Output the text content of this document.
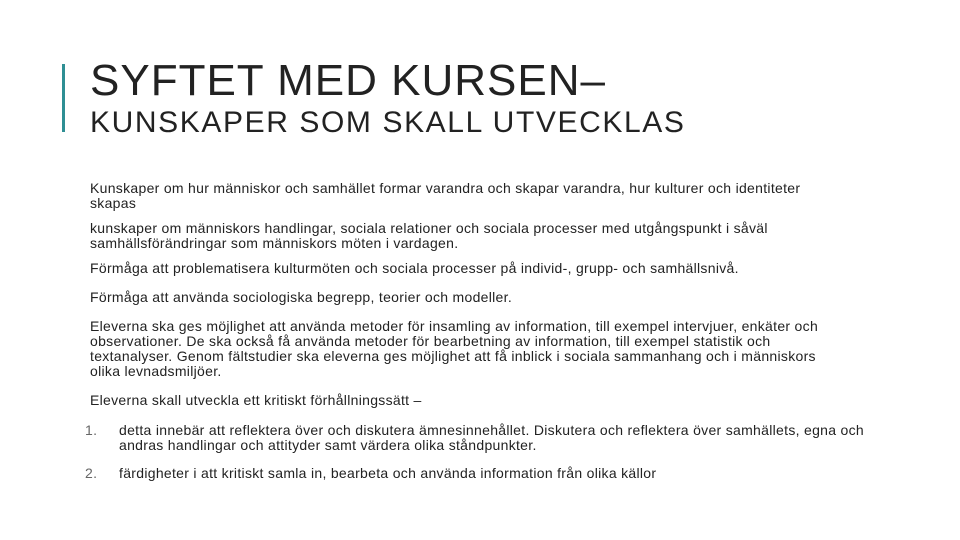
SYFTET MED KURSEN–
KUNSKAPER SOM SKALL UTVECKLAS

Kunskaper om hur människor och samhället formar varandra och skapar varandra, hur kulturer och identiteter skapas

kunskaper om människors handlingar, sociala relationer och sociala processer med utgångspunkt i såväl samhällsförändringar som människors möten i vardagen.

Förmåga att problematisera kulturmöten och sociala processer på individ-, grupp- och samhällsnivå.

Förmåga att använda sociologiska begrepp, teorier och modeller.

Eleverna ska ges möjlighet att använda metoder för insamling av information, till exempel intervjuer, enkäter och observationer. De ska också få använda metoder för bearbetning av information, till exempel statistik och textanalyser. Genom fältstudier ska eleverna ges möjlighet att få inblick i sociala sammanhang och i människors olika levnadsmiljöer.

Eleverna skall utveckla ett kritiskt förhållningssätt –

1.	detta innebär att reflektera över och diskutera ämnesinnehållet. Diskutera och reflektera över samhällets, egna och andras handlingar och attityder samt värdera olika ståndpunkter.
2.	färdigheter i att kritiskt samla in, bearbeta och använda information från olika källor
